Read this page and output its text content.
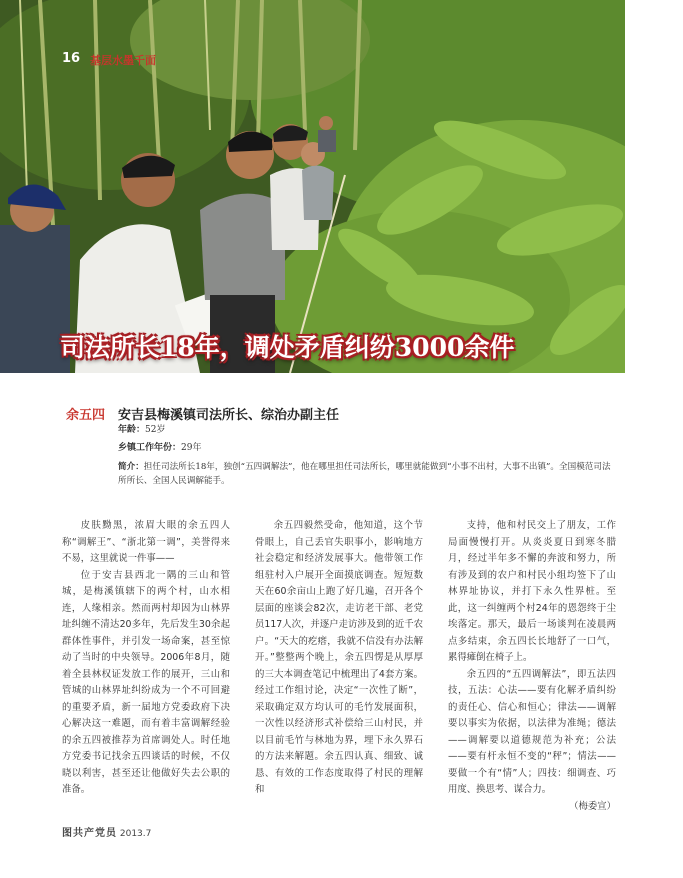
16 基层水墨千面
司法所长18年，调处矛盾纠纷3000余件
余五四 安吉县梅溪镇司法所长、综治办副主任
年龄：52岁
乡镇工作年份：29年
简介：担任司法所长18年，独创“五四调解法”，他在哪里担任司法所长，哪里就能做到“小事不出村，大事不出镇”。全国模范司法所所长、全国人民调解能手。

皮肤黝黑，浓眉大眼的余五四人称“调解王”、“浙北第一调”，美誉得来不易，这里就说一件事——

位于安吉县西北一隅的三山和管城，是梅溪镇辖下的两个村，山水相连，人缘相亲。然而两村却因为山林界址纠缠不清达20多年，先后发生30余起群体性事件，并引发一场命案，甚至惊动了当时的中央领导。2006年8月，随着全县林权证发放工作的展开，三山和管城的山林界址纠纷成为一个不可回避的重要矛盾，新一届地方党委政府下决心解决这一难题，而有着丰富调解经验的余五四被推荐为首席调处人。时任地方党委书记找余五四谈话的时候，不仅晓以利害，甚至还让他做好失去公职的准备。

余五四毅然受命，他知道，这个节骨眼上，自己丢官失职事小，影响地方社会稳定和经济发展事大。他带领工作组驻村入户展开全面摸底调查。短短数天在60余亩山上跑了好几遍，召开各个层面的座谈会82次，走访老干部、老党员117人次，并逐户走访涉及到的近千农户。“天大的疙瘩，我就不信没有办法解开。”整整两个晚上，余五四愣是从厚厚的三大本调查笔记中梳理出了4套方案。经过工作组讨论，决定“一次性了断”，采取确定双方均认可的毛竹发展面积，一次性以经济形式补偿给三山村民，并以目前毛竹与林地为界，埋下永久界石的方法来解题。余五四认真、细致、诚恳、有效的工作态度取得了村民的理解和

支持，他和村民交上了朋友，工作局面慢慢打开。从炎炎夏日到寒冬腊月，经过半年多不懈的奔波和努力，所有涉及到的农户和村民小组均签下了山林界址协议，并打下永久性界桩。至此，这一纠缠两个村24年的恩怨终于尘埃落定。那天，最后一场谈判在凌晨两点多结束，余五四长长地舒了一口气，累得瘫倒在椅子上。

余五四的“五四调解法”，即五法四技，五法：心法——要有化解矛盾纠纷的责任心、信心和恒心；律法——调解要以事实为依据，以法律为准绳；德法——调解要以道德规范为补充；公法——要有杆永恒不变的“秤”；情法——要做一个有“情”人；四技：细调查、巧用度、换思考、谋合力。

（梅委宣）
图共产党员 2013.7
